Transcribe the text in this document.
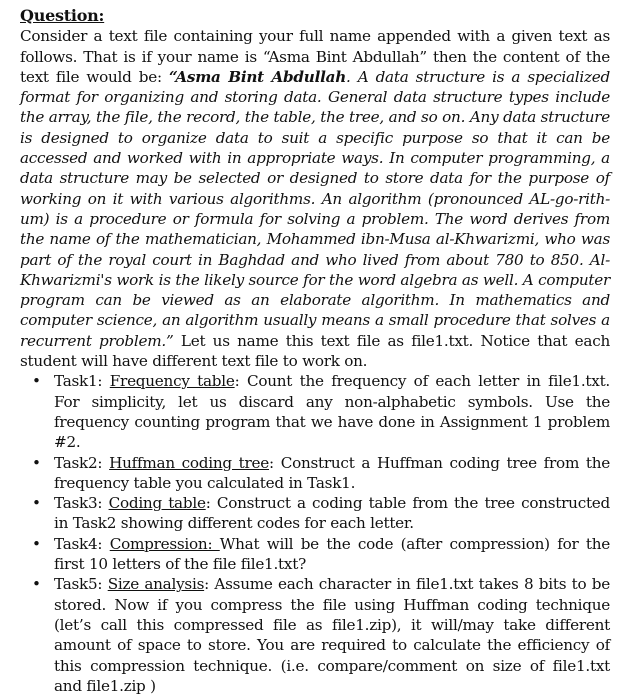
Question:

Consider a text file containing your full name appended with a given text as follows. That is if your name is “Asma Bint Abdullah” then the content of the text file would be: “Asma Bint Abdullah. A data structure is a specialized format for organizing and storing data. General data structure types include the array, the file, the record, the table, the tree, and so on. Any data structure is designed to organize data to suit a specific purpose so that it can be accessed and worked with in appropriate ways. In computer programming, a data structure may be selected or designed to store data for the purpose of working on it with various algorithms. An algorithm (pronounced AL-go-rith-um) is a procedure or formula for solving a problem. The word derives from the name of the mathematician, Mohammed ibn-Musa al-Khwarizmi, who was part of the royal court in Baghdad and who lived from about 780 to 850. Al-Khwarizmi's work is the likely source for the word algebra as well. A computer program can be viewed as an elaborate algorithm. In mathematics and computer science, an algorithm usually means a small procedure that solves a recurrent problem.” Let us name this text file as file1.txt. Notice that each student will have different text file to work on.

• Task1: Frequency table: Count the frequency of each letter in file1.txt. For simplicity, let us discard any non-alphabetic symbols. Use the frequency counting program that we have done in Assignment 1 problem #2.
• Task2: Huffman coding tree: Construct a Huffman coding tree from the frequency table you calculated in Task1.
• Task3: Coding table: Construct a coding table from the tree constructed in Task2 showing different codes for each letter.
• Task4: Compression: What will be the code (after compression) for the first 10 letters of the file file1.txt?
• Task5: Size analysis: Assume each character in file1.txt takes 8 bits to be stored. Now if you compress the file using Huffman coding technique (let’s call this compressed file as file1.zip), it will/may take different amount of space to store. You are required to calculate the efficiency of this compression technique. (i.e. compare/comment on size of file1.txt and file1.zip )
